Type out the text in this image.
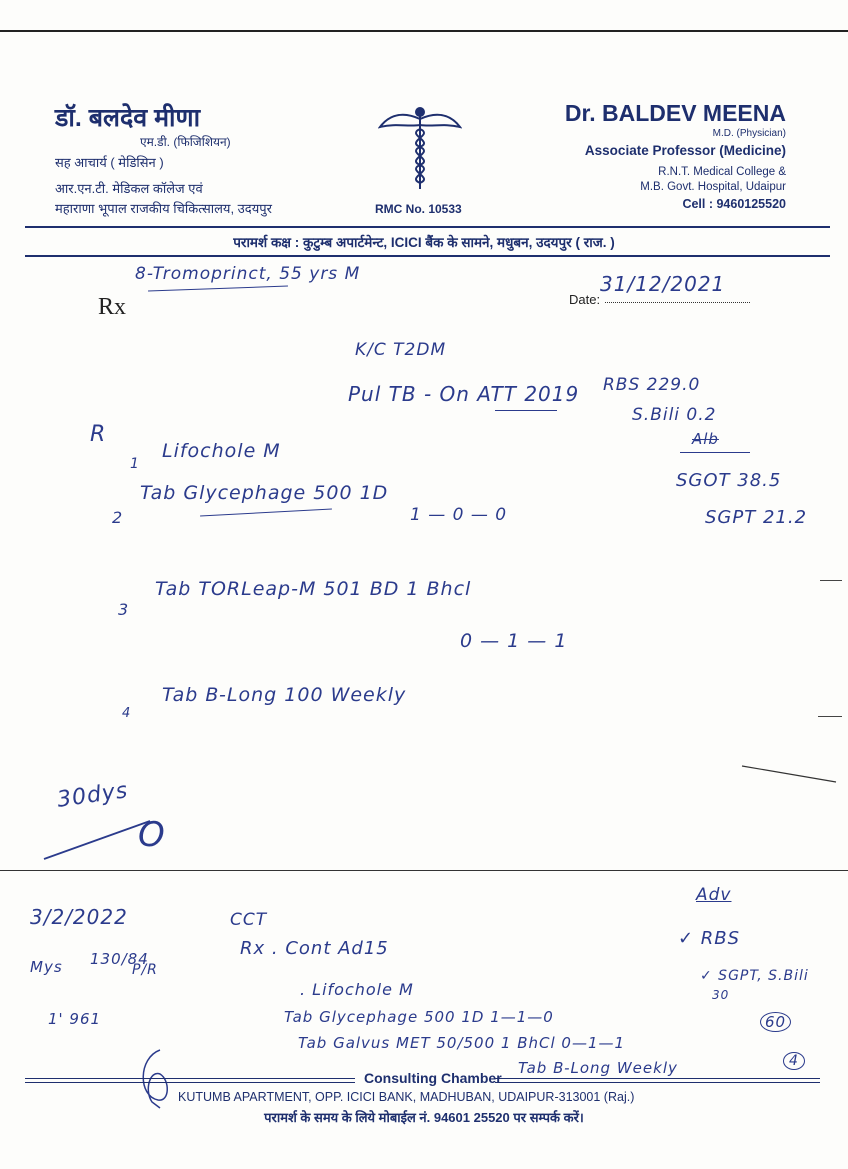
डॉ. बलदेव मीणा
एम.डी. (फिजिशियन)
सह आचार्य ( मेडिसिन )
आर.एन.टी. मेडिकल कॉलेज एवं
महाराणा भूपाल राजकीय चिकित्सालय, उदयपुर	RMC No. 10533
Dr. BALDEV MEENA
M.D. (Physician)
Associate Professor (Medicine)
R.N.T. Medical College &
M.B. Govt. Hospital, Udaipur
Cell : 9460125520
परामर्श कक्ष : कुटुम्ब अपार्टमेन्ट, ICICI बैंक के सामने, मधुबन, उदयपुर ( राज. )
Rx	Date:
8-Tromoprinct, 55 yrs M	31/12/2021
K/C T2DM
Pul TB - On ATT 2019 RBS 229.0
S.Bili 0.2
Alb
SGOT 38.5
SGPT 21.2
R
1
Lifochole M
2
Tab Glycephage 500 1D
1 — 0 — 0
3
Tab TORLeap-M 501 BD 1 Bhcl
0 — 1 — 1
4
Tab B-Long 100 Weekly
30dys
O
3/2/2022
Mys 130/84
P/R
1' 961
CCT
Rx . Cont Ad15
Adv
✓ RBS
✓ SGPT, S.Bili
30
. Lifochole M
Tab Glycephage 500 1D 1—1—0
Tab Galvus MET 50/500 1 BhCl 0—1—1
Tab B-Long Weekly
60
4
Consulting Chamber
KUTUMB APARTMENT, OPP. ICICI BANK, MADHUBAN, UDAIPUR-313001 (Raj.)
परामर्श के समय के लिये मोबाईल नं. 94601 25520 पर सम्पर्क करें।
